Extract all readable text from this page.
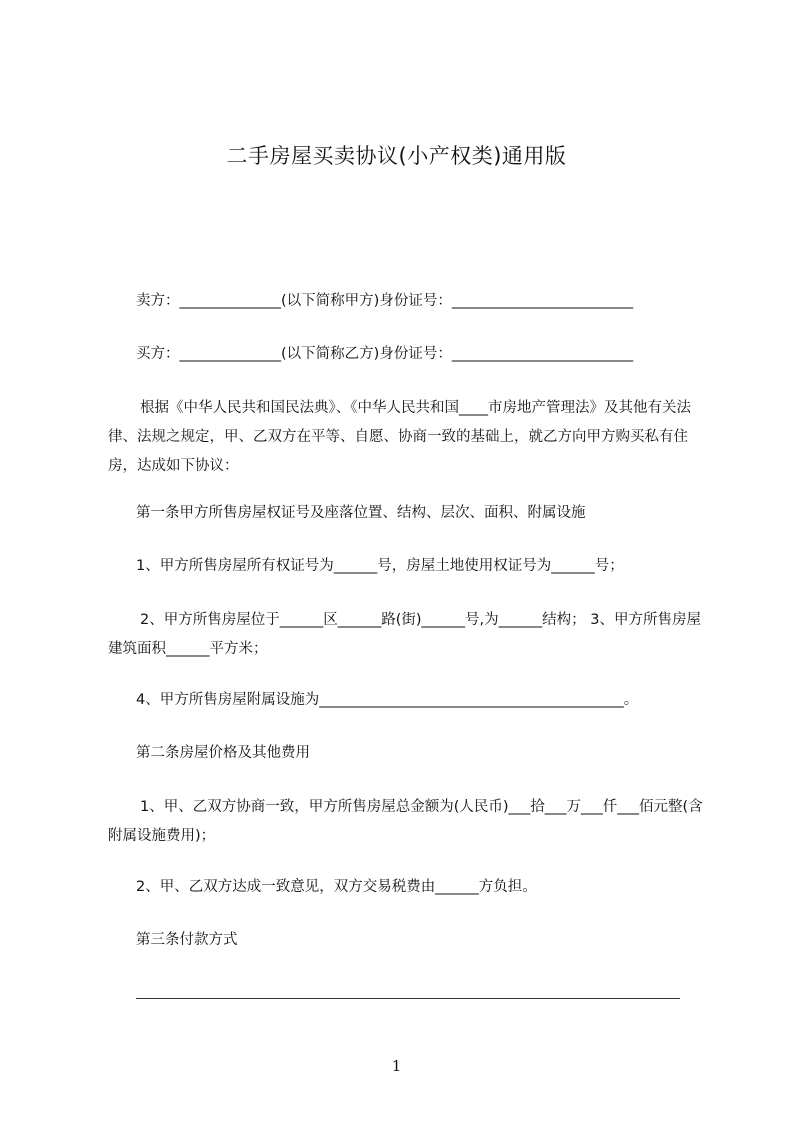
二手房屋买卖协议(小产权类)通用版
卖方：______________(以下简称甲方)身份证号：_________________________
买方：______________(以下简称乙方)身份证号：_________________________
根据《中华人民共和国民法典》、《中华人民共和国____市房地产管理法》及其他有关法律、法规之规定，甲、乙双方在平等、自愿、协商一致的基础上，就乙方向甲方购买私有住房，达成如下协议：
第一条甲方所售房屋权证号及座落位置、结构、层次、面积、附属设施
1、甲方所售房屋所有权证号为______号，房屋土地使用权证号为______号；
2、甲方所售房屋位于______区______路(街)______号,为______结构； 3、甲方所售房屋建筑面积______平方米；
4、甲方所售房屋附属设施为__________________________________________。
第二条房屋价格及其他费用
1、甲、乙双方协商一致，甲方所售房屋总金额为(人民币)___拾___万___仟___佰元整(含附属设施费用)；
2、甲、乙双方达成一致意见，双方交易税费由______方负担。
第三条付款方式
1
